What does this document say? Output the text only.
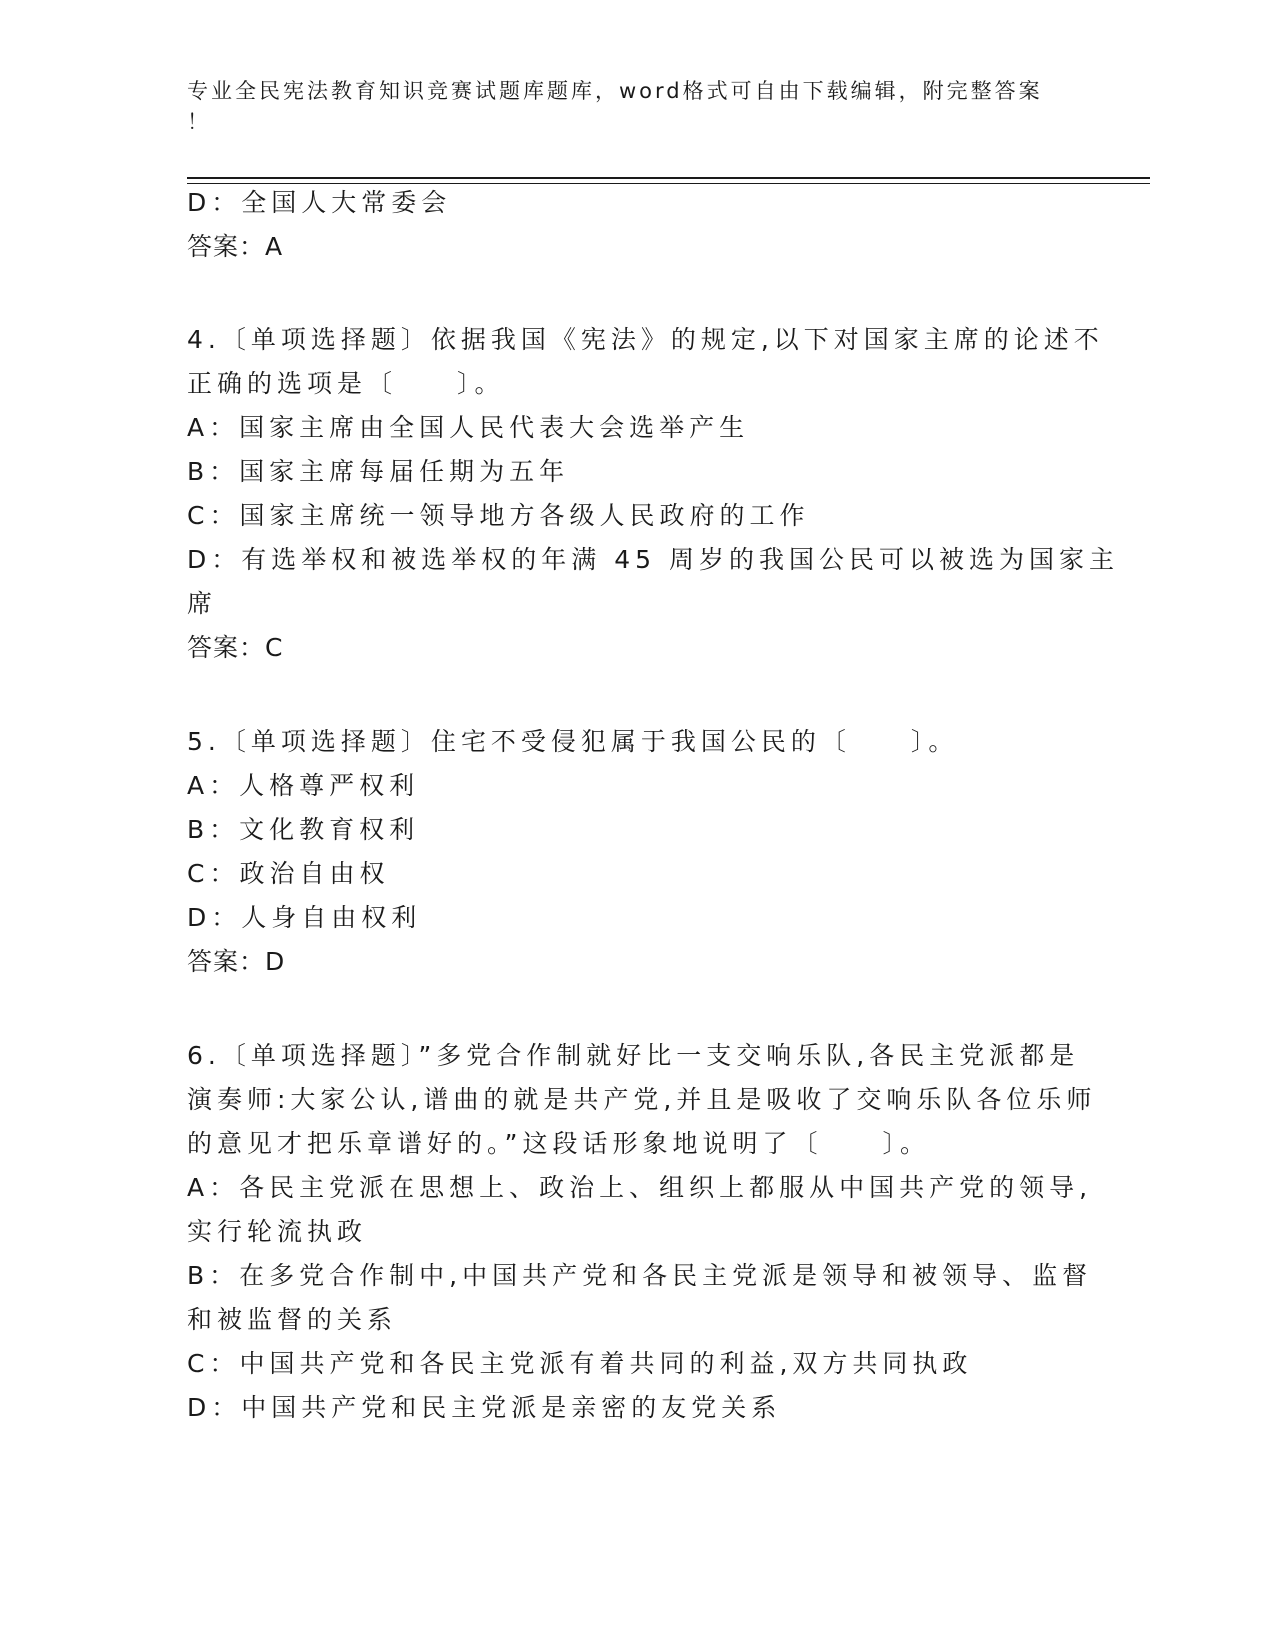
专业全民宪法教育知识竞赛试题库题库，word格式可自由下载编辑，附完整答案
！
D：全国人大常委会
答案：A
4.〔单项选择题〕依据我国《宪法》的规定,以下对国家主席的论述不
正确的选项是〔　　〕。
A：国家主席由全国人民代表大会选举产生
B：国家主席每届任期为五年
C：国家主席统一领导地方各级人民政府的工作
D：有选举权和被选举权的年满 45 周岁的我国公民可以被选为国家主
席
答案：C
5.〔单项选择题〕住宅不受侵犯属于我国公民的〔　　〕。
A：人格尊严权利
B：文化教育权利
C：政治自由权
D：人身自由权利
答案：D
6.〔单项选择题〕”多党合作制就好比一支交响乐队,各民主党派都是
演奏师:大家公认,谱曲的就是共产党,并且是吸收了交响乐队各位乐师
的意见才把乐章谱好的。”这段话形象地说明了〔　　〕。
A：各民主党派在思想上、政治上、组织上都服从中国共产党的领导,
实行轮流执政
B：在多党合作制中,中国共产党和各民主党派是领导和被领导、监督
和被监督的关系
C：中国共产党和各民主党派有着共同的利益,双方共同执政
D：中国共产党和民主党派是亲密的友党关系
